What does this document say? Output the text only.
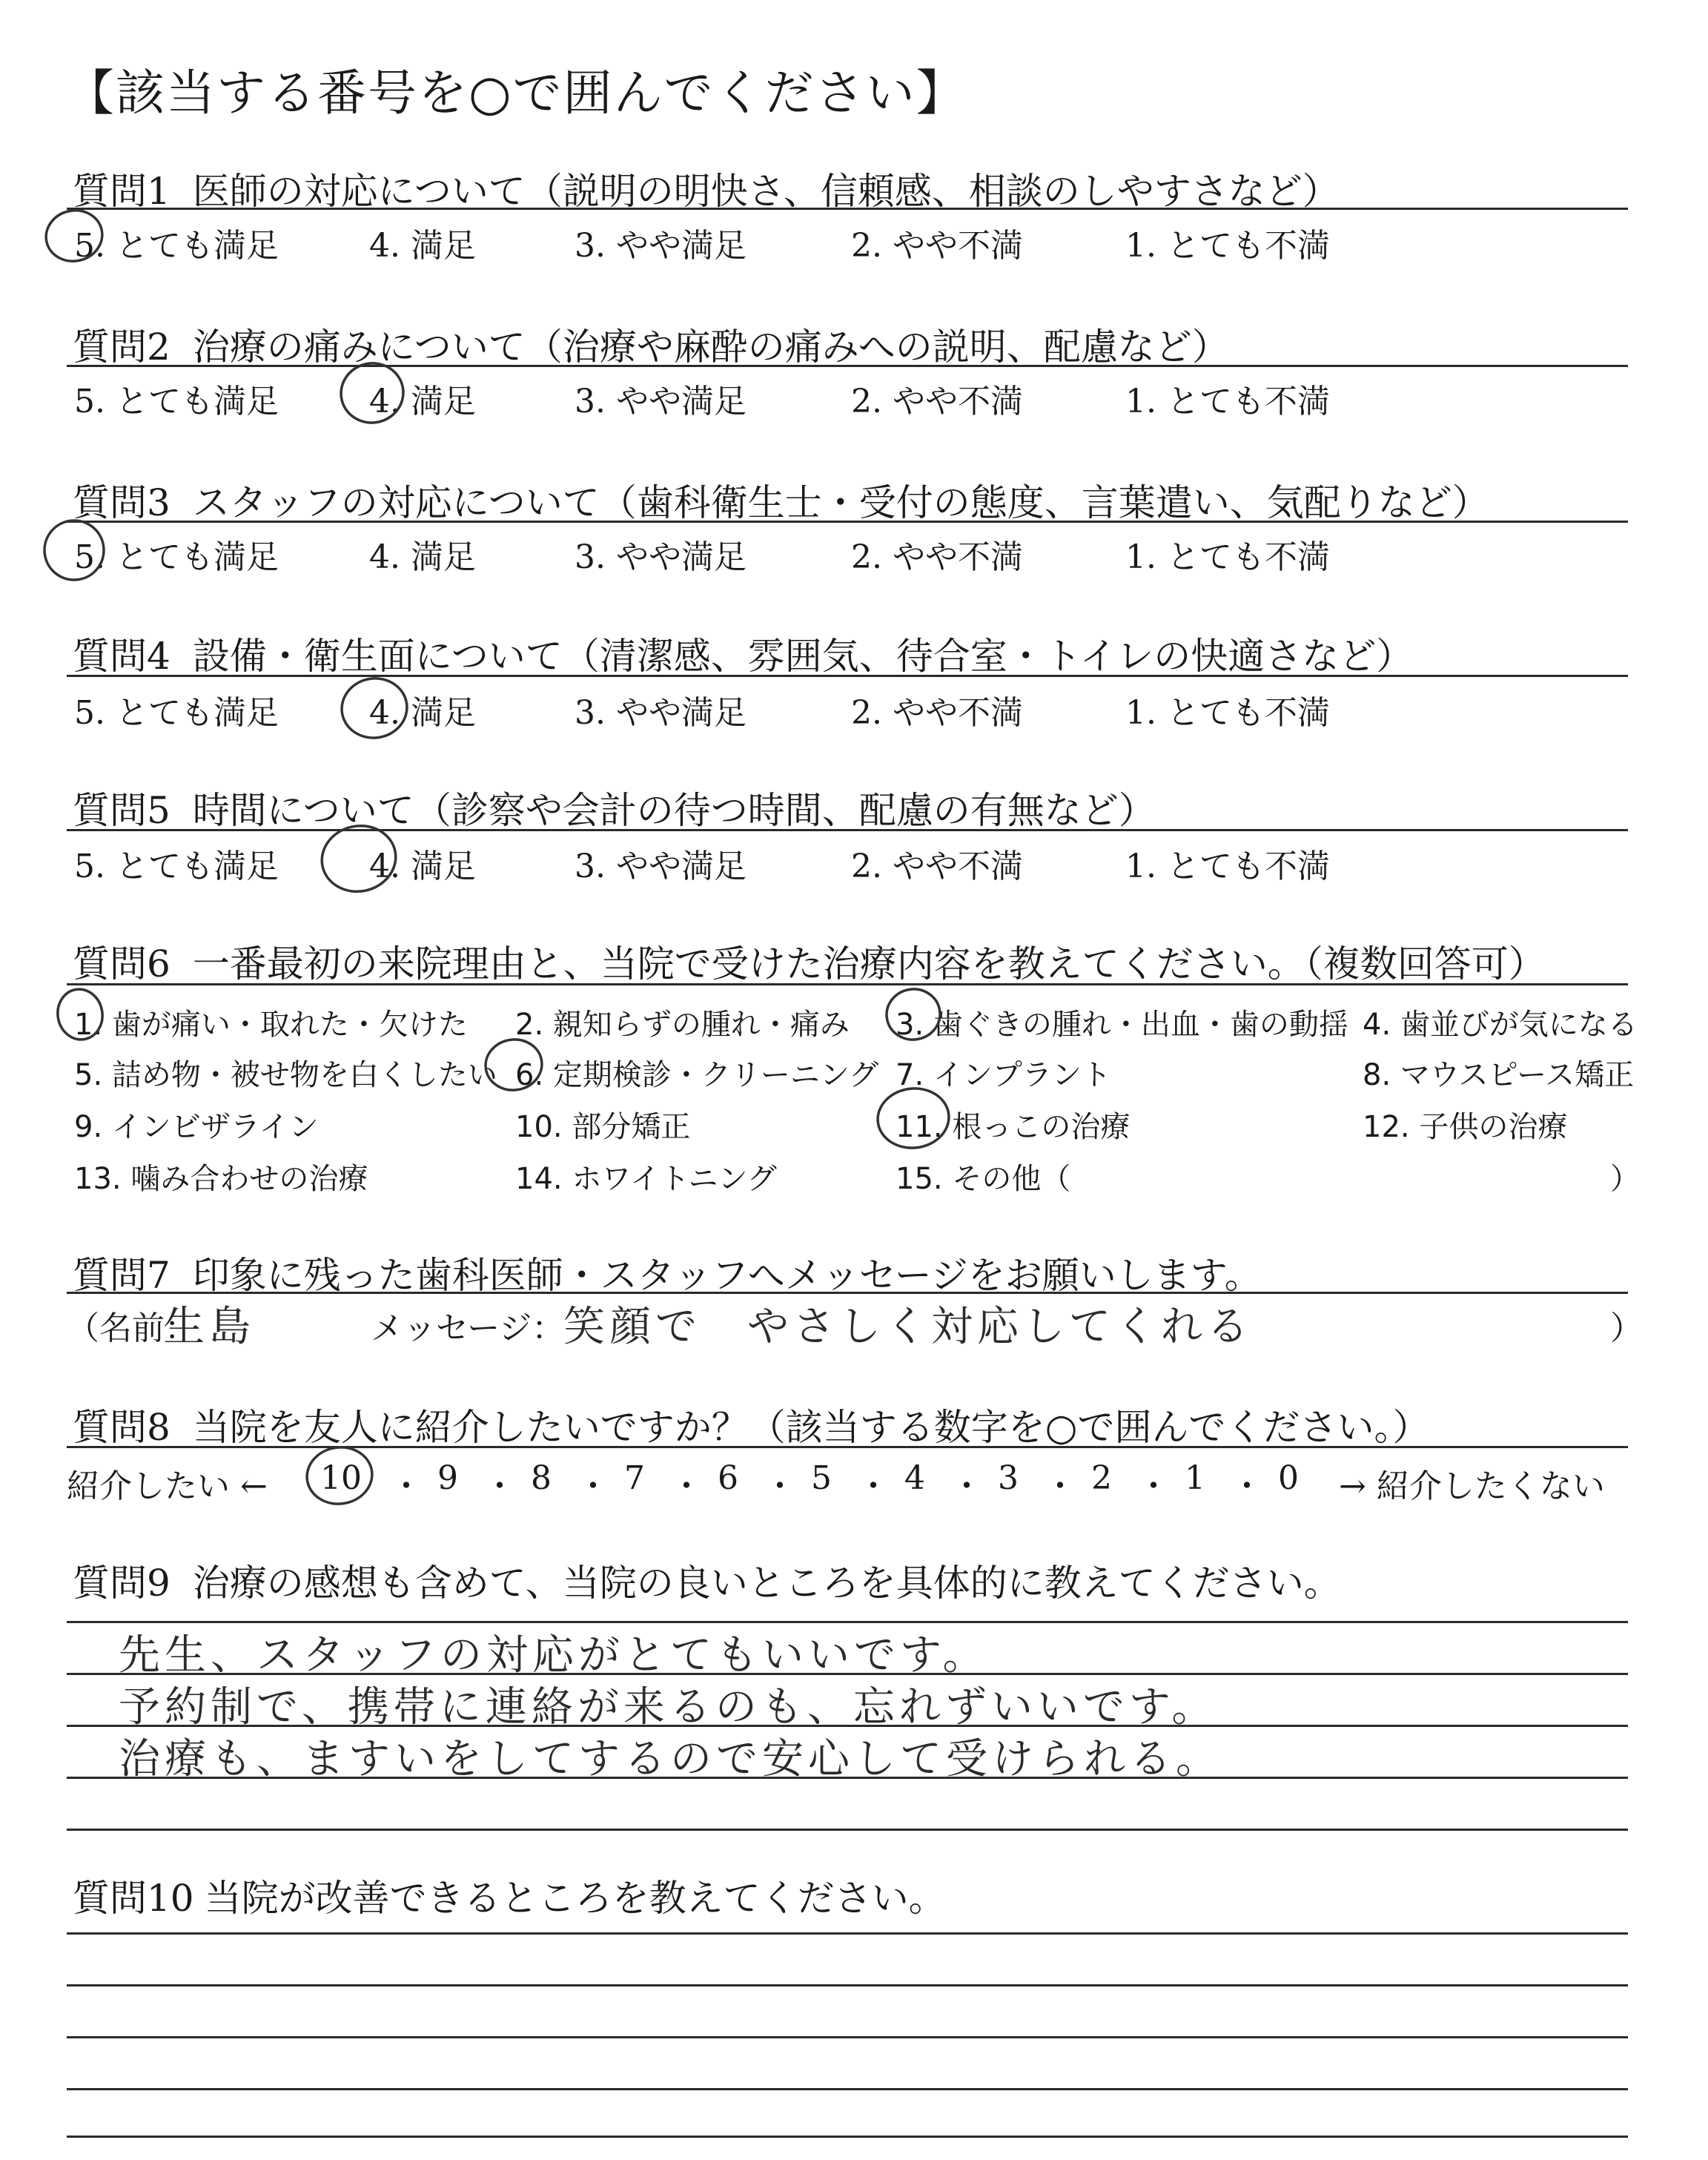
【該当する番号を○で囲んでください】
質問1 医師の対応について（説明の明快さ、信頼感、相談のしやすさなど）
5. とても満足	4. 満足	3. やや満足	2. やや不満	1. とても不満
質問2 治療の痛みについて（治療や麻酔の痛みへの説明、配慮など）
5. とても満足	4. 満足	3. やや満足	2. やや不満	1. とても不満
質問3 スタッフの対応について（歯科衛生士・受付の態度、言葉遣い、気配りなど）
5. とても満足	4. 満足	3. やや満足	2. やや不満	1. とても不満
質問4 設備・衛生面について（清潔感、雰囲気、待合室・トイレの快適さなど）
5. とても満足	4. 満足	3. やや満足	2. やや不満	1. とても不満
質問5 時間について（診察や会計の待つ時間、配慮の有無など）
5. とても満足	4. 満足	3. やや満足	2. やや不満	1. とても不満
質問6 一番最初の来院理由と、当院で受けた治療内容を教えてください。（複数回答可）
1. 歯が痛い・取れた・欠けた 2. 親知らずの腫れ・痛み 3. 歯ぐきの腫れ・出血・歯の動揺 4. 歯並びが気になる
5. 詰め物・被せ物を白くしたい 6. 定期検診・クリーニング 7. インプラント	8. マウスピース矯正
9. インビザライン	10. 部分矯正	11. 根っこの治療	12. 子供の治療
13. 噛み合わせの治療	14. ホワイトニング	15. その他（	）
質問7 印象に残った歯科医師・スタッフへメッセージをお願いします。
（名前：
生島	メッセージ：
笑顔で　やさしく対応してくれる	）
質問8 当院を友人に紹介したいですか？（該当する数字を○で囲んでください。）
紹介したい ← 10 ・ 9 ・ 8 ・ 7 ・ 6 ・ 5 ・ 4 ・ 3 ・ 2 ・ 1 ・ 0 → 紹介したくない
質問9 治療の感想も含めて、当院の良いところを具体的に教えてください。
先生、スタッフの対応がとてもいいです。
予約制で、携帯に連絡が来るのも、忘れずいいです。
治療も、ますいをしてするので安心して受けられる。
質問10 当院が改善できるところを教えてください。
